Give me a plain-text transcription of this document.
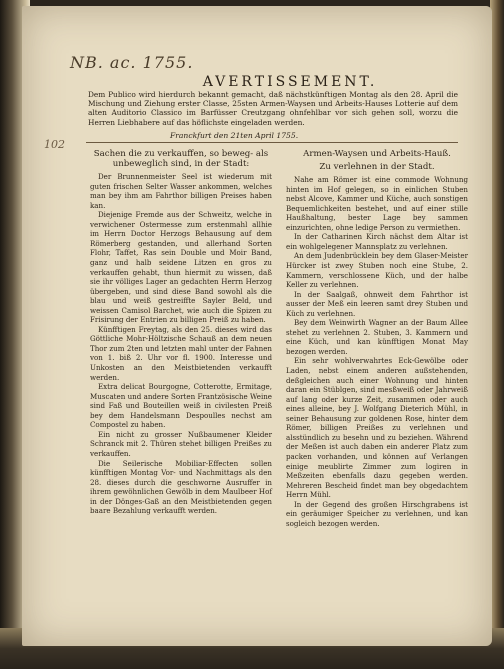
NB. ac. 1755.
102
AVERTISSEMENT.
Dem Publico wird hierdurch bekannt gemacht, daß nächstkünftigen Montag als den 28. April die Mischung und Ziehung erster Classe, 25sten Armen-Waysen und Arbeits-Hauses Lotterie auf dem alten Auditorio Classico im Barfüsser Creutzgang ohnfehlbar vor sich gehen soll, worzu die Herren Liebhabere auf das höflichste eingeladen werden.
Franckfurt den 21ten April 1755.
Sachen die zu verkauffen, so beweg- als unbeweglich sind, in der Stadt:

Der Brunnenmeister Seel ist wiederum mit guten frischen Selter Wasser ankommen, welches man bey ihm am Fahrthor billigen Preises haben kan.

Diejenige Fremde aus der Schweitz, welche in verwichener Ostermesse zum erstenmahl allhie im Herrn Doctor Herzogs Behausung auf dem Römerberg gestanden, und allerhand Sorten Flohr, Taffet, Ras sein Double und Moir Band, ganz und halb seidene Litzen en gros zu verkauffen gehabt, thun hiermit zu wissen, daß sie ihr völliges Lager an gedachten Herrn Herzog übergeben, und sind diese Band sowohl als die blau und weiß gestreiffte Sayler Beld, und weissen Camisol Barchet, wie auch die Spizen zu Frisirung der Entrien zu billigen Preiß zu haben.

Künfftigen Freytag, als den 25. dieses wird das Göttliche Mohr-Höltzische Schauß an dem neuen Thor zum 2ten und letzten mahl unter der Fahnen von 1. biß 2. Uhr vor fl. 1900. Interesse und Unkosten an den Meistbietenden verkaufft werden.

Extra delicat Bourgogne, Cotterotte, Ermitage, Muscaten und andere Sorten Frantzösische Weine sind Faß und Bouteillen weiß in civilesten Preiß bey dem Handelsmann Despoulles nechst am Compostel zu haben.

Ein nicht zu grosser Nußbaumener Kleider Schranck mit 2. Thüren stehet billigen Preißes zu verkauffen.

Die Seilerische Mobiliar-Effecten sollen künfftigen Montag Vor- und Nachmittags als den 28. dieses durch die geschworne Ausruffer in ihrem gewöhnlichen Gewölb in dem Maulbeer Hof in der Dönges-Gaß an den Meistbietenden gegen baare Bezahlung verkaufft werden.

Armen-Waysen und Arbeits-Hauß.
Zu verlehnen in der Stadt.

Nahe am Römer ist eine commode Wohnung hinten im Hof gelegen, so in einlichen Stuben nebst Alcove, Kammer und Küche, auch sonstigen Bequemlichkeiten bestehet, und auf einer stille Haußhaltung, bester Lage bey sammen einzurichten, ohne ledige Person zu vermiethen.

In der Catharinen Kirch nächst dem Altar ist ein wohlgelegener Mannsplatz zu verlehnen.

An dem Judenbrücklein bey dem Glaser-Meister Hürcker ist zwey Stuben noch eine Stube, 2. Kammern, verschlossene Küch, und der halbe Keller zu verlehnen.

In der Saalgaß, ohnweit dem Fahrthor ist ausser der Meß ein leeren samt drey Stuben und Küch zu verlehnen.

Bey dem Weinwirth Wagner an der Baum Allee stehet zu verlehnen 2. Stuben, 3. Kammern und eine Küch, und kan künfftigen Monat May bezogen werden.

Ein sehr wohlverwahrtes Eck-Gewölbe oder Laden, nebst einem anderen außstehenden, deßgleichen auch einer Wohnung und hinten daran ein Stüblgen, sind mesßweiß oder Jahrweiß auf lang oder kurze Zeit, zusammen oder auch eines alleine, bey J. Wolfgang Dieterich Mühl, in seiner Behausung zur goldenen Rose, hinter dem Römer, billigen Preißes zu verlehnen und alsstündlich zu besehn und zu beziehen. Während der Meßen ist auch daben ein anderer Platz zum packen vorhanden, und können auf Verlangen einige meublirte Zimmer zum logiren in Meßzeiten ebenfalls dazu gegeben werden. Mehreren Bescheid findet man bey obgedachtem Herrn Mühl.

In der Gegend des großen Hirschgrabens ist ein geräumiger Speicher zu verlehnen, und kan sogleich bezogen werden.
